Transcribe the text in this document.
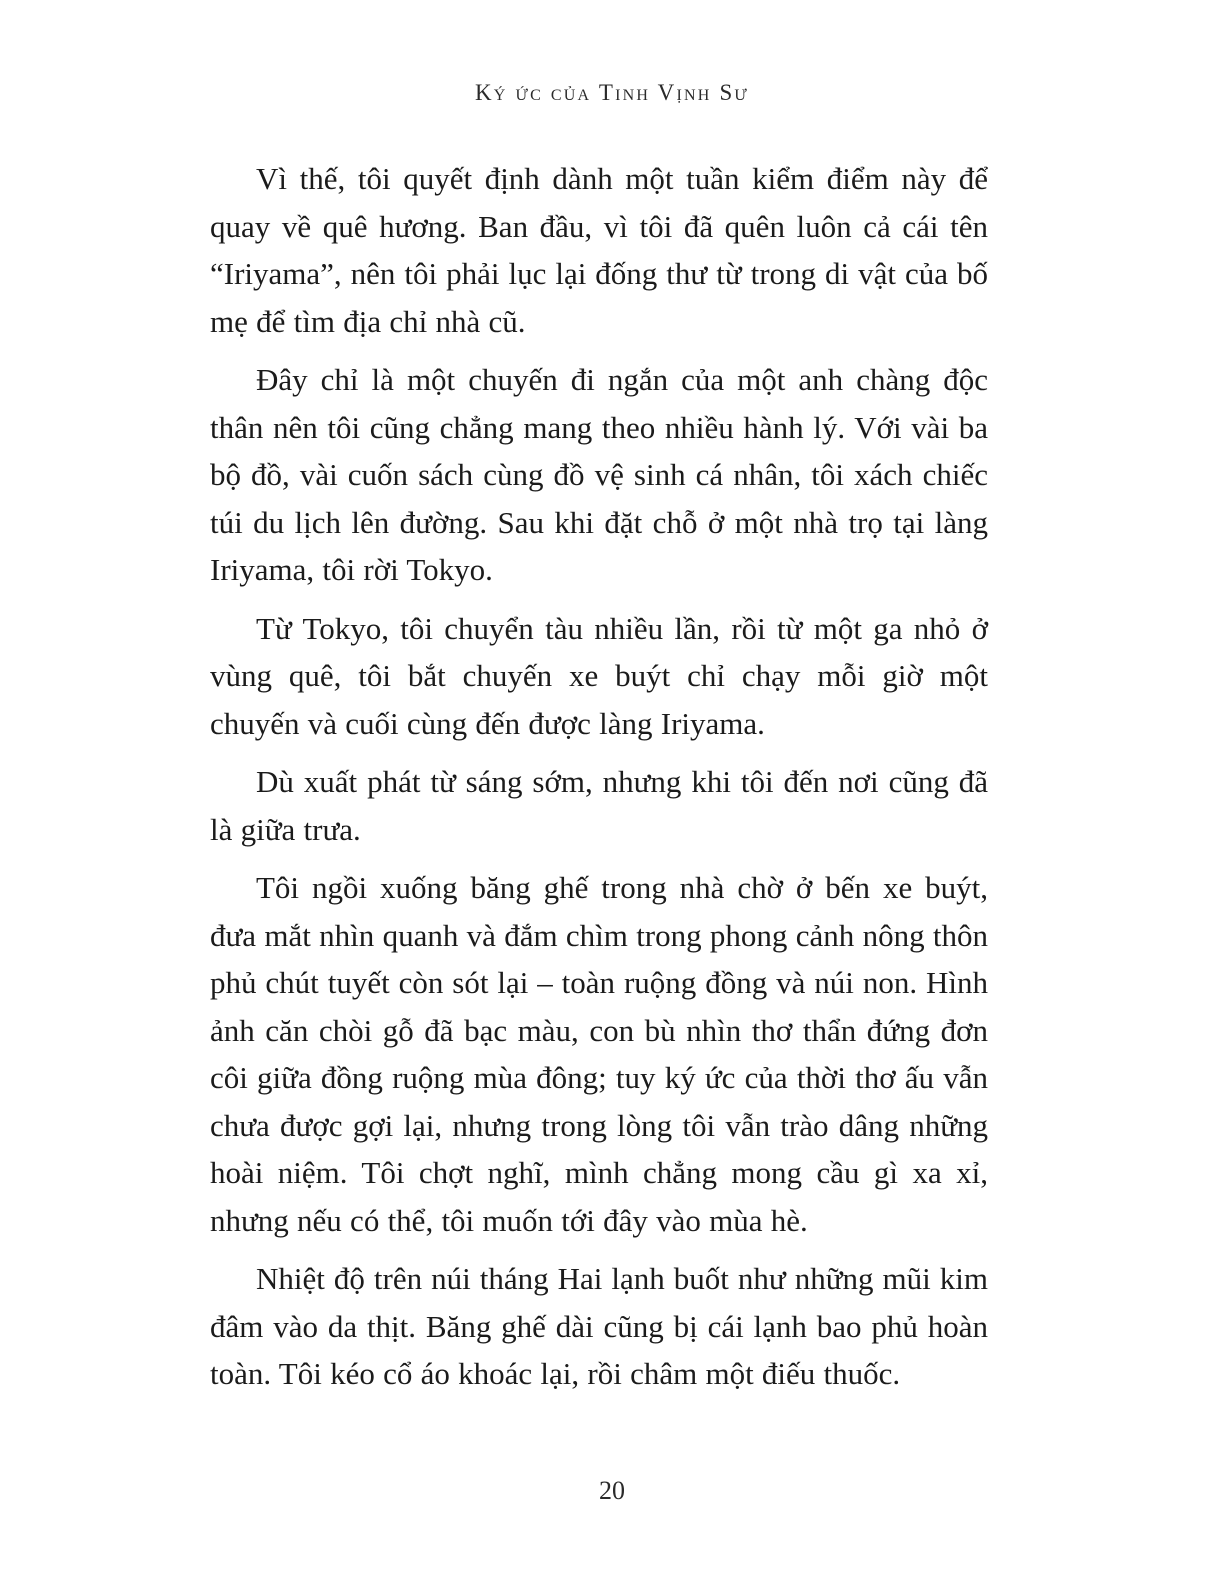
Ký ức của Tinh Vịnh Sư

Vì thế, tôi quyết định dành một tuần kiểm điểm này để quay về quê hương. Ban đầu, vì tôi đã quên luôn cả cái tên “Iriyama”, nên tôi phải lục lại đống thư từ trong di vật của bố mẹ để tìm địa chỉ nhà cũ.

Đây chỉ là một chuyến đi ngắn của một anh chàng độc thân nên tôi cũng chẳng mang theo nhiều hành lý. Với vài ba bộ đồ, vài cuốn sách cùng đồ vệ sinh cá nhân, tôi xách chiếc túi du lịch lên đường. Sau khi đặt chỗ ở một nhà trọ tại làng Iriyama, tôi rời Tokyo.

Từ Tokyo, tôi chuyển tàu nhiều lần, rồi từ một ga nhỏ ở vùng quê, tôi bắt chuyến xe buýt chỉ chạy mỗi giờ một chuyến và cuối cùng đến được làng Iriyama.

Dù xuất phát từ sáng sớm, nhưng khi tôi đến nơi cũng đã là giữa trưa.

Tôi ngồi xuống băng ghế trong nhà chờ ở bến xe buýt, đưa mắt nhìn quanh và đắm chìm trong phong cảnh nông thôn phủ chút tuyết còn sót lại – toàn ruộng đồng và núi non. Hình ảnh căn chòi gỗ đã bạc màu, con bù nhìn thơ thẩn đứng đơn côi giữa đồng ruộng mùa đông; tuy ký ức của thời thơ ấu vẫn chưa được gợi lại, nhưng trong lòng tôi vẫn trào dâng những hoài niệm. Tôi chợt nghĩ, mình chẳng mong cầu gì xa xỉ, nhưng nếu có thể, tôi muốn tới đây vào mùa hè.

Nhiệt độ trên núi tháng Hai lạnh buốt như những mũi kim đâm vào da thịt. Băng ghế dài cũng bị cái lạnh bao phủ hoàn toàn. Tôi kéo cổ áo khoác lại, rồi châm một điếu thuốc.

20
